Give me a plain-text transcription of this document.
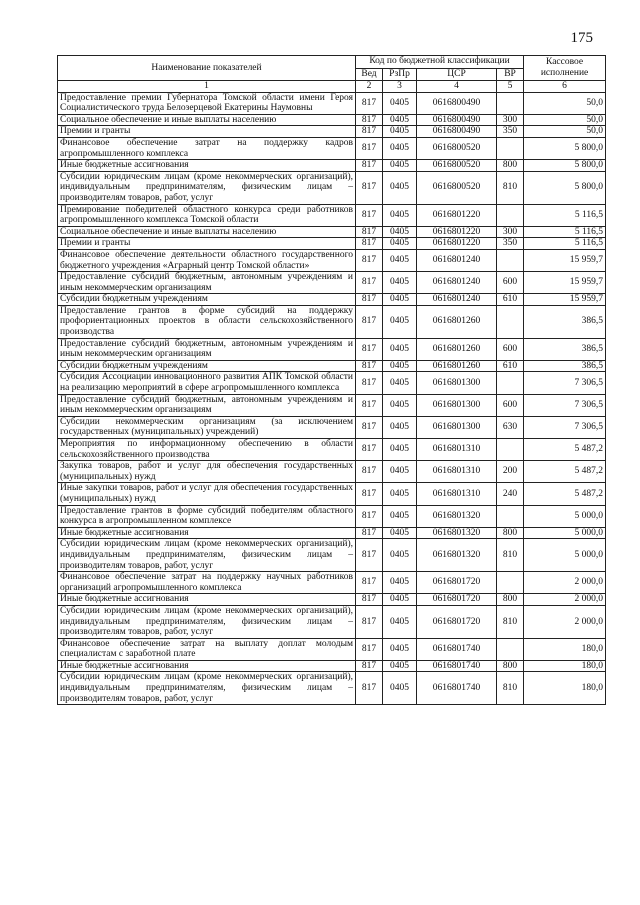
175
Наименование показателей	Код по бюджетной классификации				Кассовое исполнение
	Вед	РзПр	ЦСР	ВР	
1	2	3	4	5	6
Предоставление премии Губернатора Томской области имени Героя Социалистического труда Белозерцевой Екатерины Наумовны	817	0405	0616800490		50,0
Социальное обеспечение и иные выплаты населению	817	0405	0616800490	300	50,0
Премии и гранты	817	0405	0616800490	350	50,0
Финансовое обеспечение затрат на поддержку кадров агропромышленного комплекса	817	0405	0616800520		5 800,0
Иные бюджетные ассигнования	817	0405	0616800520	800	5 800,0
Субсидии юридическим лицам (кроме некоммерческих организаций), индивидуальным предпринимателям, физическим лицам – производителям товаров, работ, услуг	817	0405	0616800520	810	5 800,0
Премирование победителей областного конкурса среди работников агропромышленного комплекса Томской области	817	0405	0616801220		5 116,5
Социальное обеспечение и иные выплаты населению	817	0405	0616801220	300	5 116,5
Премии и гранты	817	0405	0616801220	350	5 116,5
Финансовое обеспечение деятельности областного государственного бюджетного учреждения «Аграрный центр Томской области»	817	0405	0616801240		15 959,7
Предоставление субсидий бюджетным, автономным учреждениям и иным некоммерческим организациям	817	0405	0616801240	600	15 959,7
Субсидии бюджетным учреждениям	817	0405	0616801240	610	15 959,7
Предоставление грантов в форме субсидий на поддержку профориентационных проектов в области сельскохозяйственного производства	817	0405	0616801260		386,5
Предоставление субсидий бюджетным, автономным учреждениям и иным некоммерческим организациям	817	0405	0616801260	600	386,5
Субсидии бюджетным учреждениям	817	0405	0616801260	610	386,5
Субсидия Ассоциации инновационного развития АПК Томской области на реализацию мероприятий в сфере агропромышленного комплекса	817	0405	0616801300		7 306,5
Предоставление субсидий бюджетным, автономным учреждениям и иным некоммерческим организациям	817	0405	0616801300	600	7 306,5
Субсидии некоммерческим организациям (за исключением государственных (муниципальных) учреждений)	817	0405	0616801300	630	7 306,5
Мероприятия по информационному обеспечению в области сельскохозяйственного производства	817	0405	0616801310		5 487,2
Закупка товаров, работ и услуг для обеспечения государственных (муниципальных) нужд	817	0405	0616801310	200	5 487,2
Иные закупки товаров, работ и услуг для обеспечения государственных (муниципальных) нужд	817	0405	0616801310	240	5 487,2
Предоставление грантов в форме субсидий победителям областного конкурса в агропромышленном комплексе	817	0405	0616801320		5 000,0
Иные бюджетные ассигнования	817	0405	0616801320	800	5 000,0
Субсидии юридическим лицам (кроме некоммерческих организаций), индивидуальным предпринимателям, физическим лицам – производителям товаров, работ, услуг	817	0405	0616801320	810	5 000,0
Финансовое обеспечение затрат на поддержку научных работников организаций агропромышленного комплекса	817	0405	0616801720		2 000,0
Иные бюджетные ассигнования	817	0405	0616801720	800	2 000,0
Субсидии юридическим лицам (кроме некоммерческих организаций), индивидуальным предпринимателям, физическим лицам – производителям товаров, работ, услуг	817	0405	0616801720	810	2 000,0
Финансовое обеспечение затрат на выплату доплат молодым специалистам с заработной плате	817	0405	0616801740		180,0
Иные бюджетные ассигнования	817	0405	0616801740	800	180,0
Субсидии юридическим лицам (кроме некоммерческих организаций), индивидуальным предпринимателям, физическим лицам – производителям товаров, работ, услуг	817	0405	0616801740	810	180,0
